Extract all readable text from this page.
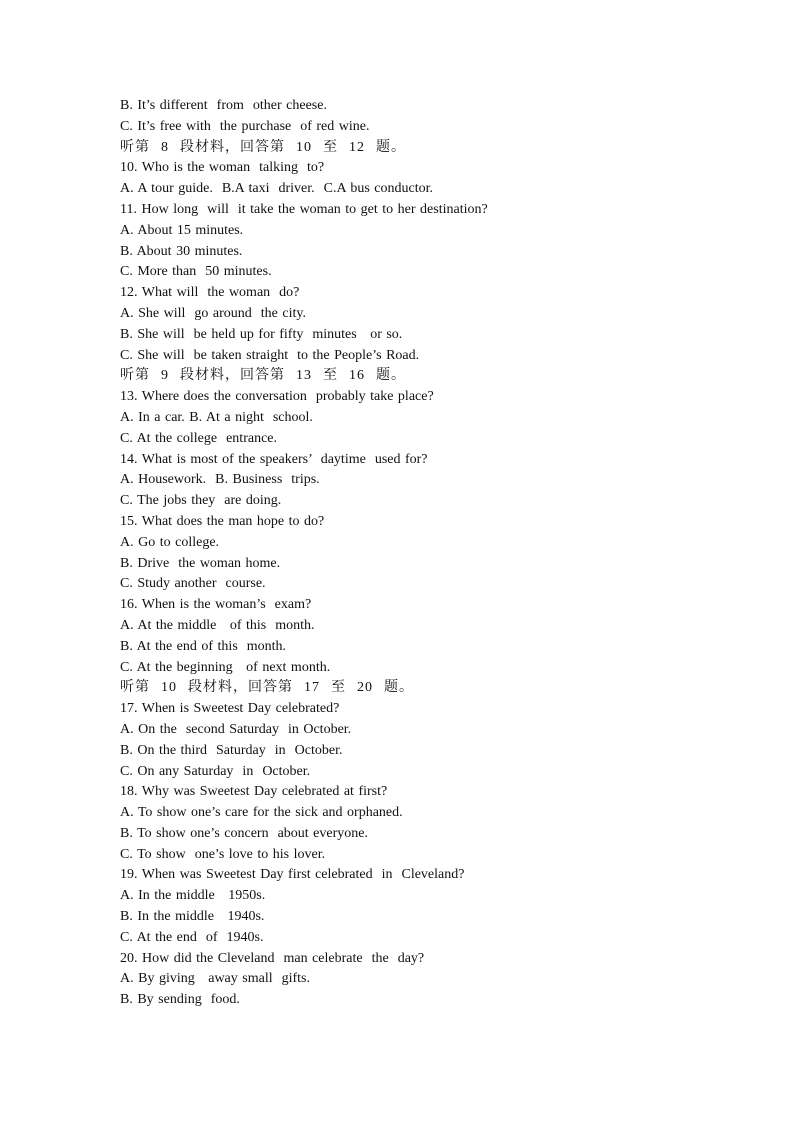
B. It’s different  from  other cheese.
C. It’s free with  the purchase  of red wine.
听第  8  段材料，回答第  10  至  12  题。
10. Who is the woman  talking  to?
A. A tour guide.  B.A taxi  driver.  C.A bus conductor.
11. How long  will  it take the woman to get to her destination?
A. About 15 minutes.
B. About 30 minutes.
C. More than  50 minutes.
12. What will  the woman  do?
A. She will  go around  the city.
B. She will  be held up for fifty  minutes   or so.
C. She will  be taken straight  to the People’s Road.
听第  9  段材料，回答第  13  至  16  题。
13. Where does the conversation  probably take place?
A. In a car. B. At a night  school.
C. At the college  entrance.
14. What is most of the speakers’  daytime  used for?
A. Housework.  B. Business  trips.
C. The jobs they  are doing.
15. What does the man hope to do?
A. Go to college.
B. Drive  the woman home.
C. Study another  course.
16. When is the woman’s  exam?
A. At the middle   of this  month.
B. At the end of this  month.
C. At the beginning   of next month.
听第  10  段材料，回答第  17  至  20  题。
17. When is Sweetest Day celebrated?
A. On the  second Saturday  in October.
B. On the third  Saturday  in  October.
C. On any Saturday  in  October.
18. Why was Sweetest Day celebrated at first?
A. To show one’s care for the sick and orphaned.
B. To show one’s concern  about everyone.
C. To show  one’s love to his lover.
19. When was Sweetest Day first celebrated  in  Cleveland?
A. In the middle   1950s.
B. In the middle   1940s.
C. At the end  of  1940s.
20. How did the Cleveland  man celebrate  the  day?
A. By giving   away small  gifts.
B. By sending  food.
